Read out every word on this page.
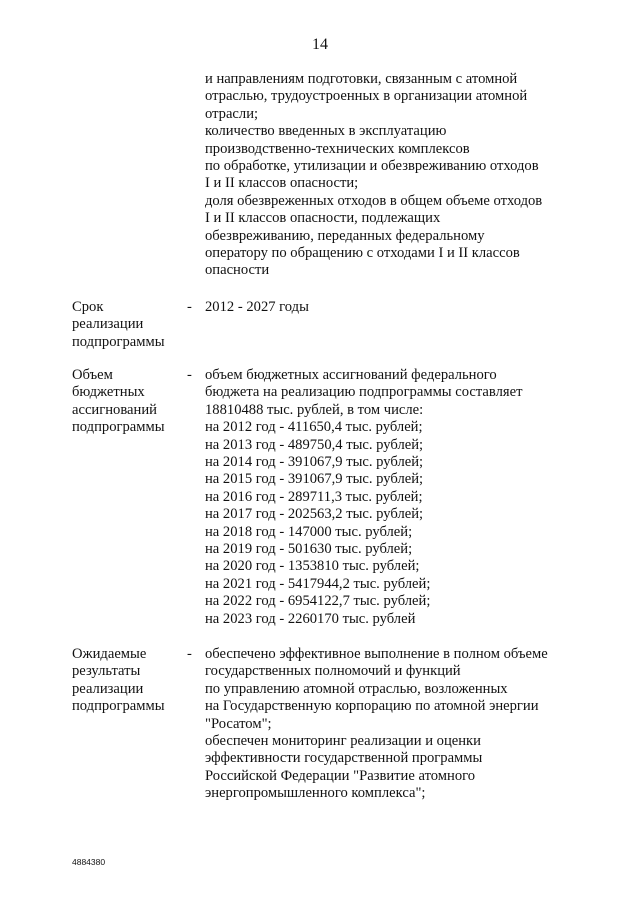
14
и направлениям подготовки, связанным с атомной
отраслью, трудоустроенных в организации атомной
отрасли;
количество введенных в эксплуатацию
производственно-технических комплексов
по обработке, утилизации и обезвреживанию отходов
I и II классов опасности;
доля обезвреженных отходов в общем объеме отходов
I и II классов опасности, подлежащих
обезвреживанию, переданных федеральному
оператору по обращению с отходами I и II классов
опасности
Срок
реализации
подпрограммы
- 2012 - 2027 годы
Объем
бюджетных
ассигнований
подпрограммы
- объем бюджетных ассигнований федерального
бюджета на реализацию подпрограммы составляет
18810488 тыс. рублей, в том числе:
на 2012 год - 411650,4 тыс. рублей;
на 2013 год - 489750,4 тыс. рублей;
на 2014 год - 391067,9 тыс. рублей;
на 2015 год - 391067,9 тыс. рублей;
на 2016 год - 289711,3 тыс. рублей;
на 2017 год - 202563,2 тыс. рублей;
на 2018 год - 147000 тыс. рублей;
на 2019 год - 501630 тыс. рублей;
на 2020 год - 1353810 тыс. рублей;
на 2021 год - 5417944,2 тыс. рублей;
на 2022 год - 6954122,7 тыс. рублей;
на 2023 год - 2260170 тыс. рублей
Ожидаемые
результаты
реализации
подпрограммы
- обеспечено эффективное выполнение в полном объеме
государственных полномочий и функций
по управлению атомной отраслью, возложенных
на Государственную корпорацию по атомной энергии
"Росатом";
обеспечен мониторинг реализации и оценки
эффективности государственной программы
Российской Федерации "Развитие атомного
энергопромышленного комплекса";
4884380
